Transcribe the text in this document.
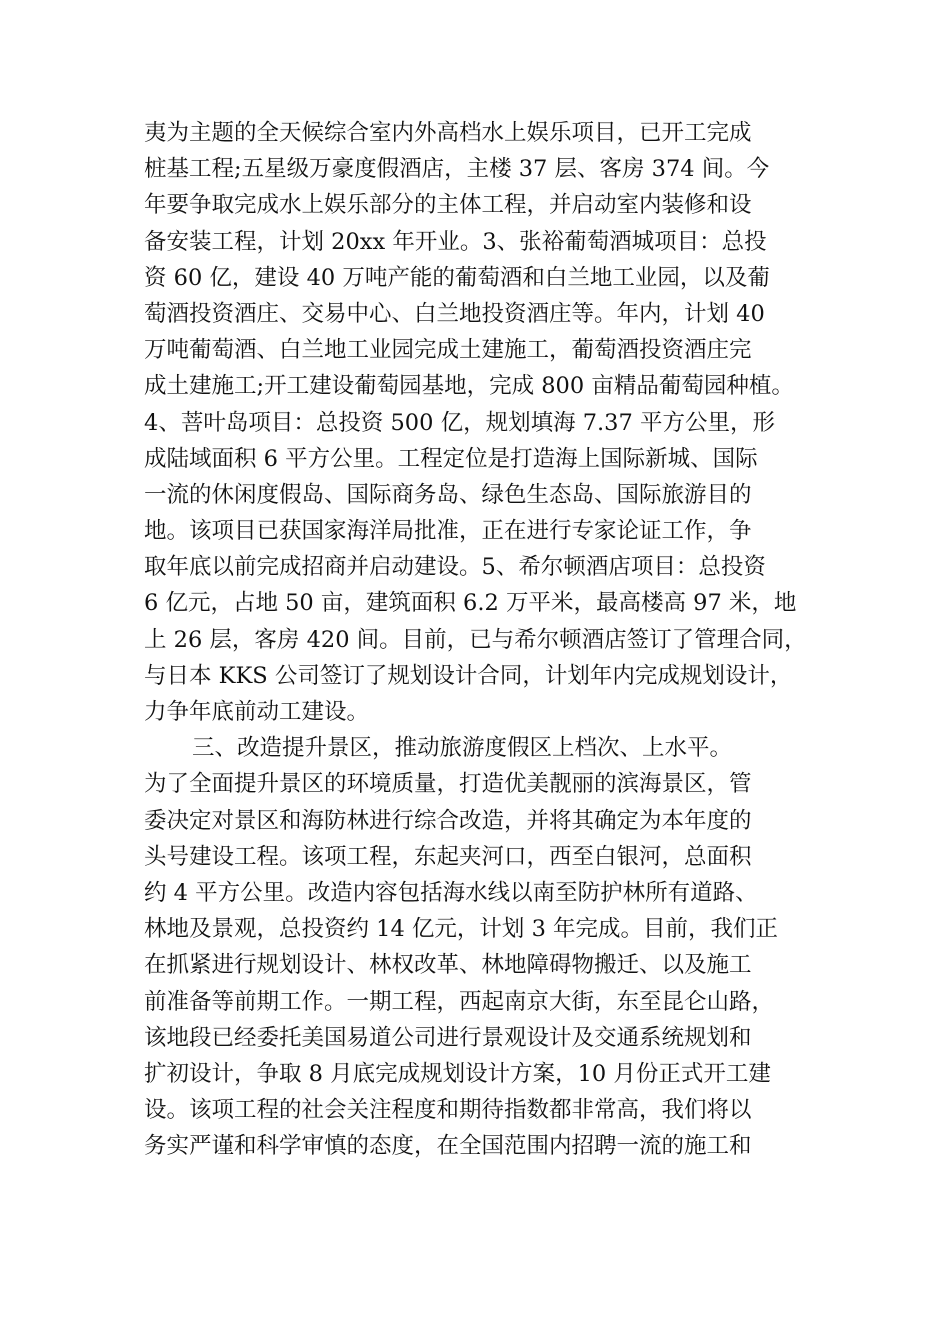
夷为主题的全天候综合室内外高档水上娱乐项目，已开工完成
桩基工程;五星级万豪度假酒店，主楼 37 层、客房 374 间。今
年要争取完成水上娱乐部分的主体工程，并启动室内装修和设
备安装工程，计划 20xx 年开业。3、张裕葡萄酒城项目：总投
资 60 亿，建设 40 万吨产能的葡萄酒和白兰地工业园，以及葡
萄酒投资酒庄、交易中心、白兰地投资酒庄等。年内，计划 40
万吨葡萄酒、白兰地工业园完成土建施工，葡萄酒投资酒庄完
成土建施工;开工建设葡萄园基地，完成 800 亩精品葡萄园种植。
4、菩叶岛项目：总投资 500 亿，规划填海 7.37 平方公里，形
成陆域面积 6 平方公里。工程定位是打造海上国际新城、国际
一流的休闲度假岛、国际商务岛、绿色生态岛、国际旅游目的
地。该项目已获国家海洋局批准，正在进行专家论证工作，争
取年底以前完成招商并启动建设。5、希尔顿酒店项目：总投资
6 亿元，占地 50 亩，建筑面积 6.2 万平米，最高楼高 97 米，地
上 26 层，客房 420 间。目前，已与希尔顿酒店签订了管理合同，
与日本 KKS 公司签订了规划设计合同，计划年内完成规划设计，
力争年底前动工建设。
三、改造提升景区，推动旅游度假区上档次、上水平。
为了全面提升景区的环境质量，打造优美靓丽的滨海景区，管
委决定对景区和海防林进行综合改造，并将其确定为本年度的
头号建设工程。该项工程，东起夹河口，西至白银河，总面积
约 4 平方公里。改造内容包括海水线以南至防护林所有道路、
林地及景观，总投资约 14 亿元，计划 3 年完成。目前，我们正
在抓紧进行规划设计、林权改革、林地障碍物搬迁、以及施工
前准备等前期工作。一期工程，西起南京大街，东至昆仑山路，
该地段已经委托美国易道公司进行景观设计及交通系统规划和
扩初设计，争取 8 月底完成规划设计方案，10 月份正式开工建
设。该项工程的社会关注程度和期待指数都非常高，我们将以
务实严谨和科学审慎的态度，在全国范围内招聘一流的施工和
